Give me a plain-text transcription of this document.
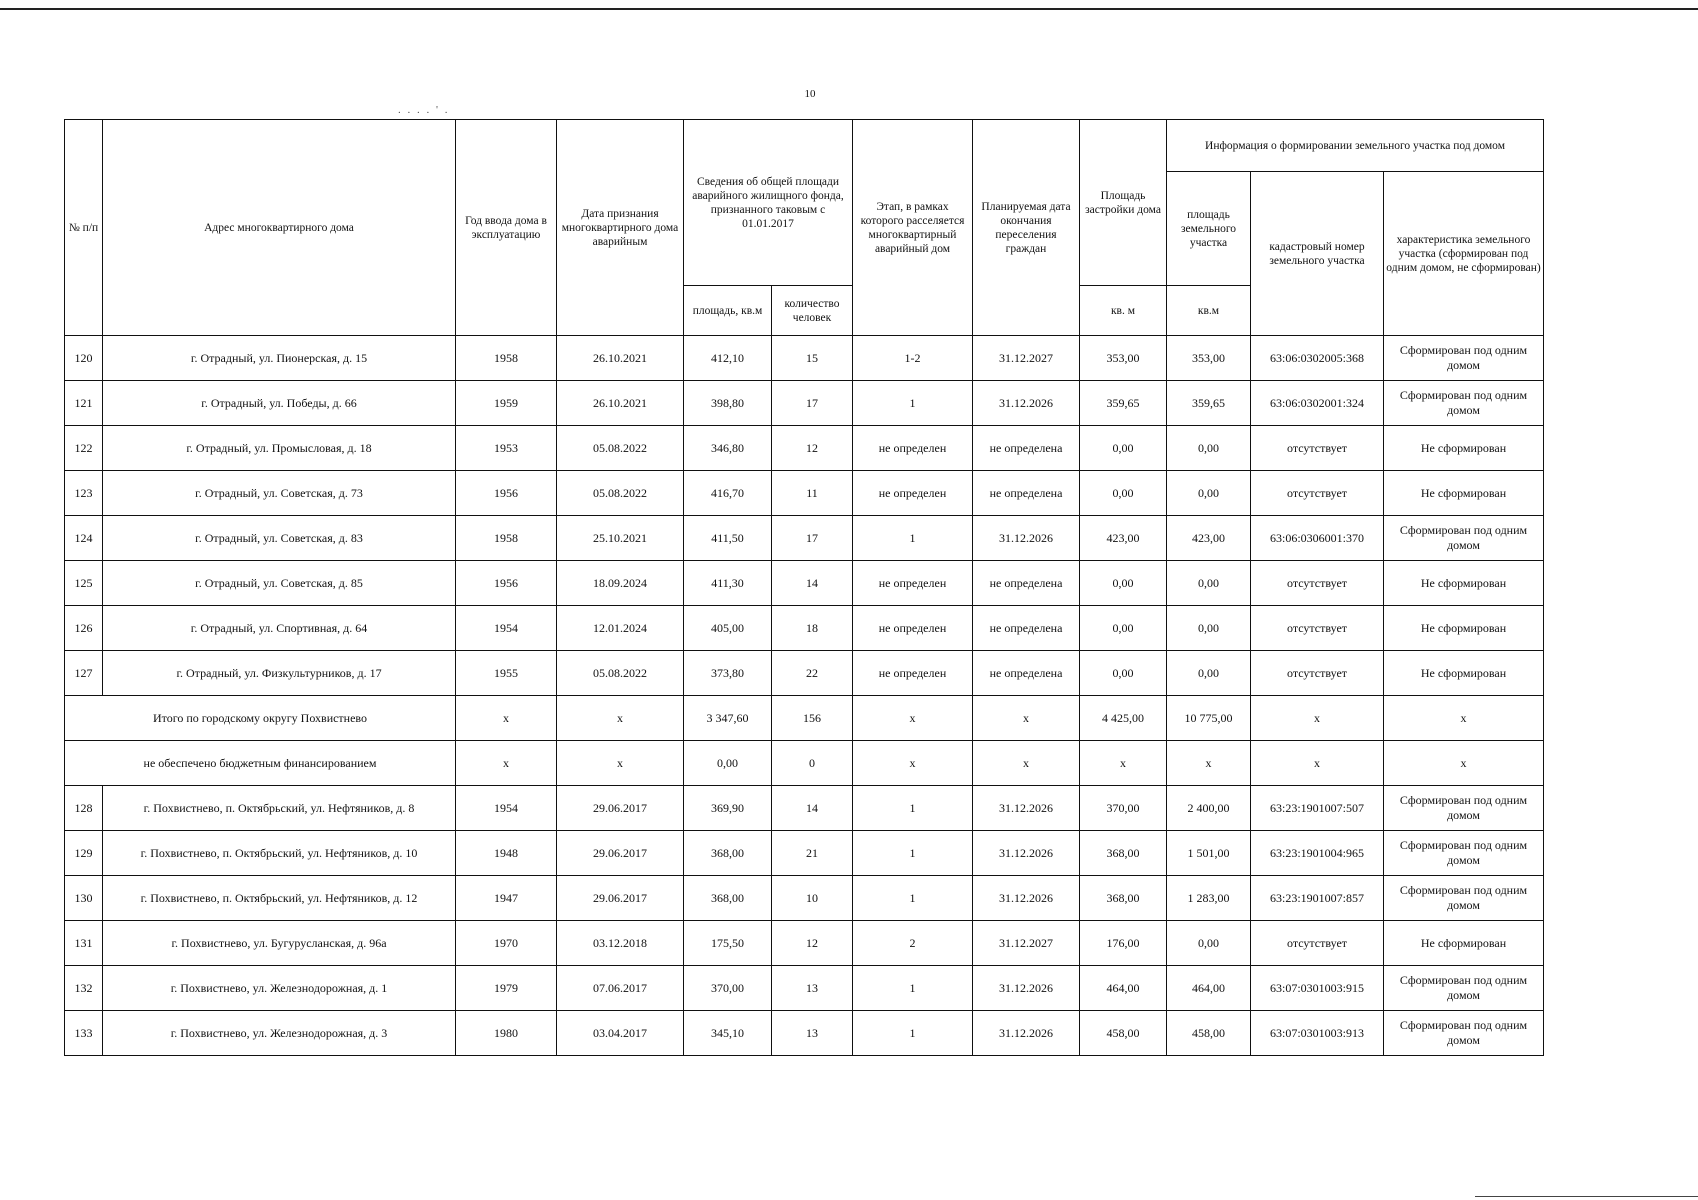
10
. . . . ' .
№ п/п	Адрес многоквартирного дома	Год ввода дома в эксплуатацию	Дата признания многоквартирного дома аварийным	Сведения об общей площади аварийного жилищного фонда, признанного таковым с 01.01.2017		Этап, в рамках которого расселяется многоквартирный аварийный дом	Планируемая дата окончания переселения граждан	Площадь застройки дома	Информация о формировании земельного участка под домом		
									площадь земельного участка	кадастровый номер земельного участка	характеристика земельного участка (сформирован под одним домом, не сформирован)
				площадь, кв.м	количество человек			кв. м	кв.м		
120	г. Отрадный, ул. Пионерская, д. 15	1958	26.10.2021	412,10	15	1-2	31.12.2027	353,00	353,00	63:06:0302005:368	Сформирован под одним домом
121	г. Отрадный, ул. Победы, д. 66	1959	26.10.2021	398,80	17	1	31.12.2026	359,65	359,65	63:06:0302001:324	Сформирован под одним домом
122	г. Отрадный, ул. Промысловая, д. 18	1953	05.08.2022	346,80	12	не определен	не определена	0,00	0,00	отсутствует	Не сформирован
123	г. Отрадный, ул. Советская, д. 73	1956	05.08.2022	416,70	11	не определен	не определена	0,00	0,00	отсутствует	Не сформирован
124	г. Отрадный, ул. Советская, д. 83	1958	25.10.2021	411,50	17	1	31.12.2026	423,00	423,00	63:06:0306001:370	Сформирован под одним домом
125	г. Отрадный, ул. Советская, д. 85	1956	18.09.2024	411,30	14	не определен	не определена	0,00	0,00	отсутствует	Не сформирован
126	г. Отрадный, ул. Спортивная, д. 64	1954	12.01.2024	405,00	18	не определен	не определена	0,00	0,00	отсутствует	Не сформирован
127	г. Отрадный, ул. Физкультурников, д. 17	1955	05.08.2022	373,80	22	не определен	не определена	0,00	0,00	отсутствует	Не сформирован
Итого по городскому округу Похвистнево		x	x	3 347,60	156	x	x	4 425,00	10 775,00	x	x
не обеспечено бюджетным финансированием		x	x	0,00	0	x	x	x	x	x	x
128	г. Похвистнево, п. Октябрьский, ул. Нефтяников, д. 8	1954	29.06.2017	369,90	14	1	31.12.2026	370,00	2 400,00	63:23:1901007:507	Сформирован под одним домом
129	г. Похвистнево, п. Октябрьский, ул. Нефтяников, д. 10	1948	29.06.2017	368,00	21	1	31.12.2026	368,00	1 501,00	63:23:1901004:965	Сформирован под одним домом
130	г. Похвистнево, п. Октябрьский, ул. Нефтяников, д. 12	1947	29.06.2017	368,00	10	1	31.12.2026	368,00	1 283,00	63:23:1901007:857	Сформирован под одним домом
131	г. Похвистнево, ул. Бугурусланская, д. 96а	1970	03.12.2018	175,50	12	2	31.12.2027	176,00	0,00	отсутствует	Не сформирован
132	г. Похвистнево, ул. Железнодорожная, д. 1	1979	07.06.2017	370,00	13	1	31.12.2026	464,00	464,00	63:07:0301003:915	Сформирован под одним домом
133	г. Похвистнево, ул. Железнодорожная, д. 3	1980	03.04.2017	345,10	13	1	31.12.2026	458,00	458,00	63:07:0301003:913	Сформирован под одним домом
